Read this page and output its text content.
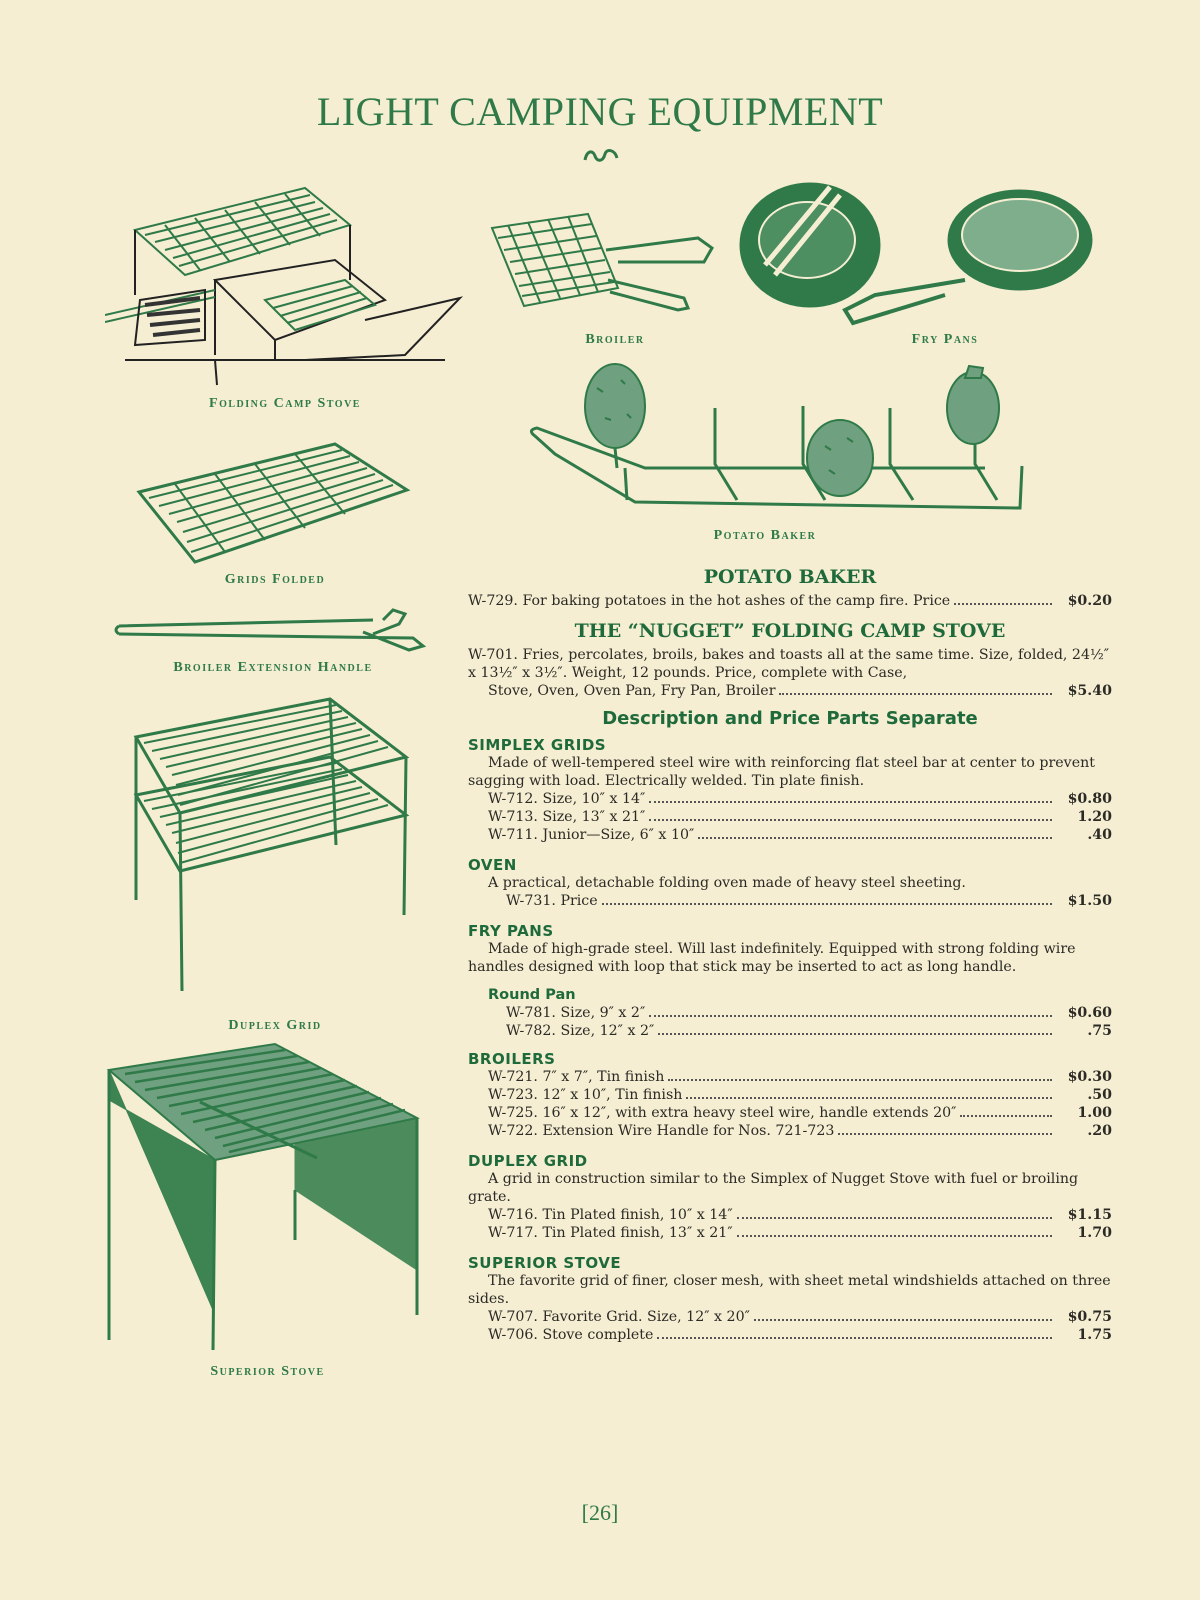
LIGHT CAMPING EQUIPMENT
Folding Camp Stove
Broiler	Fry Pans
Grids Folded
Broiler Extension Handle
Potato Baker
Duplex Grid
Superior Stove
POTATO BAKER
W-729. For baking potatoes in the hot ashes of the camp fire. Price	$0.20
THE “NUGGET” FOLDING CAMP STOVE

W-701. Fries, percolates, broils, bakes and toasts all at the same time. Size, folded, 24½″ x 13½″ x 3½″. Weight, 12 pounds. Price, complete with Case,

Stove, Oven, Oven Pan, Fry Pan, Broiler	$5.40
Description and Price Parts Separate
SIMPLEX GRIDS

Made of well-tempered steel wire with reinforcing flat steel bar at center to prevent sagging with load. Electrically welded. Tin plate finish.

W-712. Size, 10″ x 14″	$0.80
W-713. Size, 13″ x 21″	1.20
W-711. Junior—Size, 6″ x 10″	.40
OVEN

A practical, detachable folding oven made of heavy steel sheeting.

W-731. Price	$1.50
FRY PANS

Made of high-grade steel. Will last indefinitely. Equipped with strong folding wire handles designed with loop that stick may be inserted to act as long handle.

Round Pan
W-781. Size, 9″ x 2″	$0.60
W-782. Size, 12″ x 2″	.75
BROILERS
W-721. 7″ x 7″, Tin finish	$0.30
W-723. 12″ x 10″, Tin finish	.50
W-725. 16″ x 12″, with extra heavy steel wire, handle extends 20″	1.00
W-722. Extension Wire Handle for Nos. 721-723	.20
DUPLEX GRID

A grid in construction similar to the Simplex of Nugget Stove with fuel or broiling grate.

W-716. Tin Plated finish, 10″ x 14″	$1.15
W-717. Tin Plated finish, 13″ x 21″	1.70
SUPERIOR STOVE

The favorite grid of finer, closer mesh, with sheet metal windshields attached on three sides.

W-707. Favorite Grid. Size, 12″ x 20″	$0.75
W-706. Stove complete	1.75
[26]
